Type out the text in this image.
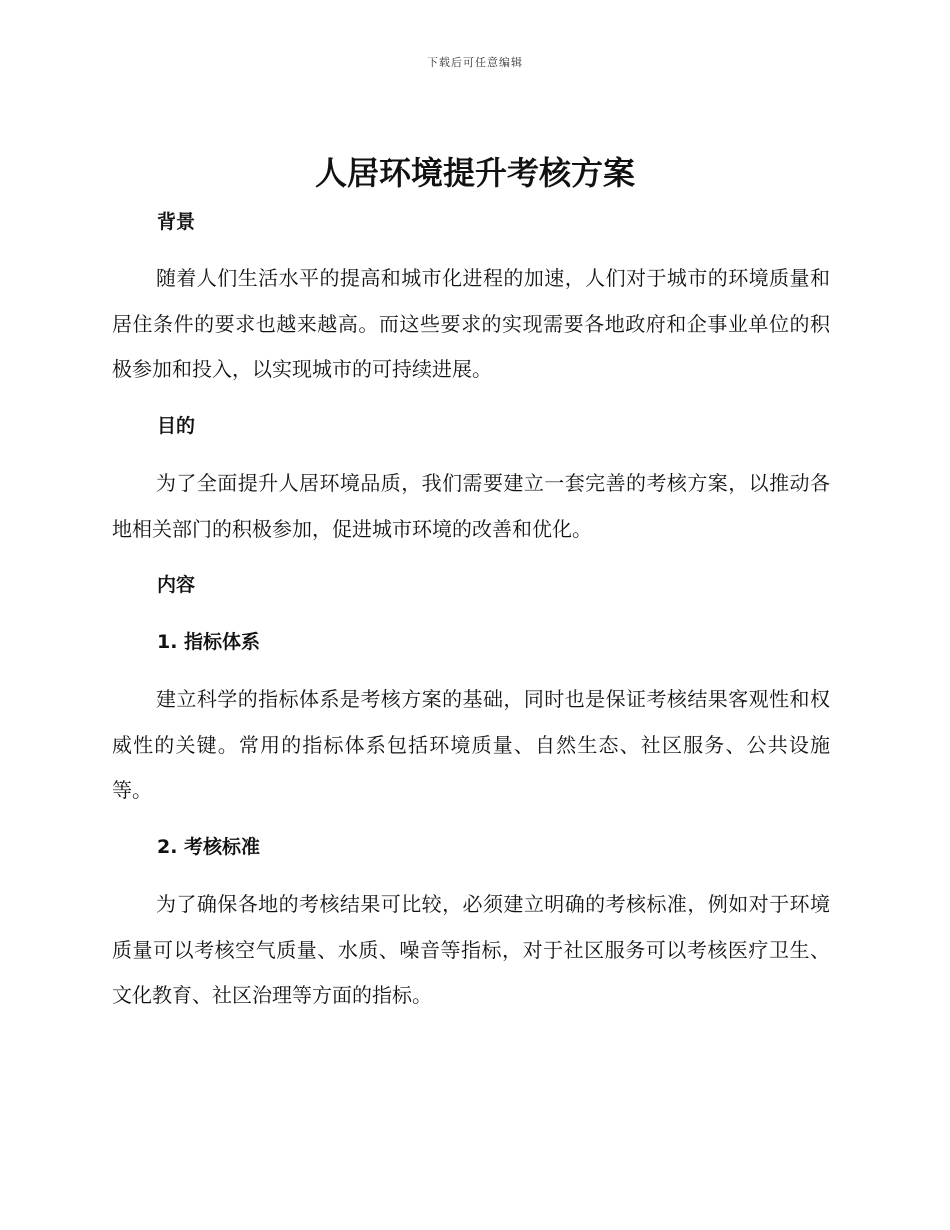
下载后可任意编辑
人居环境提升考核方案
背景

随着人们生活水平的提高和城市化进程的加速，人们对于城市的环境质量和居住条件的要求也越来越高。而这些要求的实现需要各地政府和企事业单位的积极参加和投入，以实现城市的可持续进展。

目的

为了全面提升人居环境品质，我们需要建立一套完善的考核方案，以推动各地相关部门的积极参加，促进城市环境的改善和优化。

内容
1. 指标体系

建立科学的指标体系是考核方案的基础，同时也是保证考核结果客观性和权威性的关键。常用的指标体系包括环境质量、自然生态、社区服务、公共设施等。

2. 考核标准

为了确保各地的考核结果可比较，必须建立明确的考核标准，例如对于环境质量可以考核空气质量、水质、噪音等指标，对于社区服务可以考核医疗卫生、文化教育、社区治理等方面的指标。
